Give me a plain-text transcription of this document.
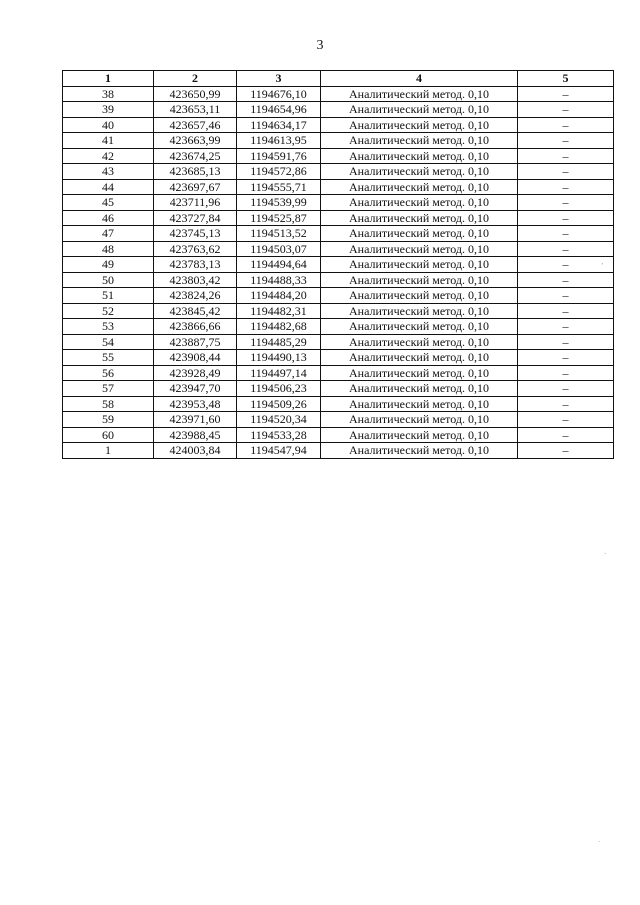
3
1	2	3	4	5
38	423650,99	1194676,10	Аналитический метод. 0,10	–
39	423653,11	1194654,96	Аналитический метод. 0,10	–
40	423657,46	1194634,17	Аналитический метод. 0,10	–
41	423663,99	1194613,95	Аналитический метод. 0,10	–
42	423674,25	1194591,76	Аналитический метод. 0,10	–
43	423685,13	1194572,86	Аналитический метод. 0,10	–
44	423697,67	1194555,71	Аналитический метод. 0,10	–
45	423711,96	1194539,99	Аналитический метод. 0,10	–
46	423727,84	1194525,87	Аналитический метод. 0,10	–
47	423745,13	1194513,52	Аналитический метод. 0,10	–
48	423763,62	1194503,07	Аналитический метод. 0,10	–
49	423783,13	1194494,64	Аналитический метод. 0,10	–
50	423803,42	1194488,33	Аналитический метод. 0,10	–
51	423824,26	1194484,20	Аналитический метод. 0,10	–
52	423845,42	1194482,31	Аналитический метод. 0,10	–
53	423866,66	1194482,68	Аналитический метод. 0,10	–
54	423887,75	1194485,29	Аналитический метод. 0,10	–
55	423908,44	1194490,13	Аналитический метод. 0,10	–
56	423928,49	1194497,14	Аналитический метод. 0,10	–
57	423947,70	1194506,23	Аналитический метод. 0,10	–
58	423953,48	1194509,26	Аналитический метод. 0,10	–
59	423971,60	1194520,34	Аналитический метод. 0,10	–
60	423988,45	1194533,28	Аналитический метод. 0,10	–
1	424003,84	1194547,94	Аналитический метод. 0,10	–
ʼ
·
·
